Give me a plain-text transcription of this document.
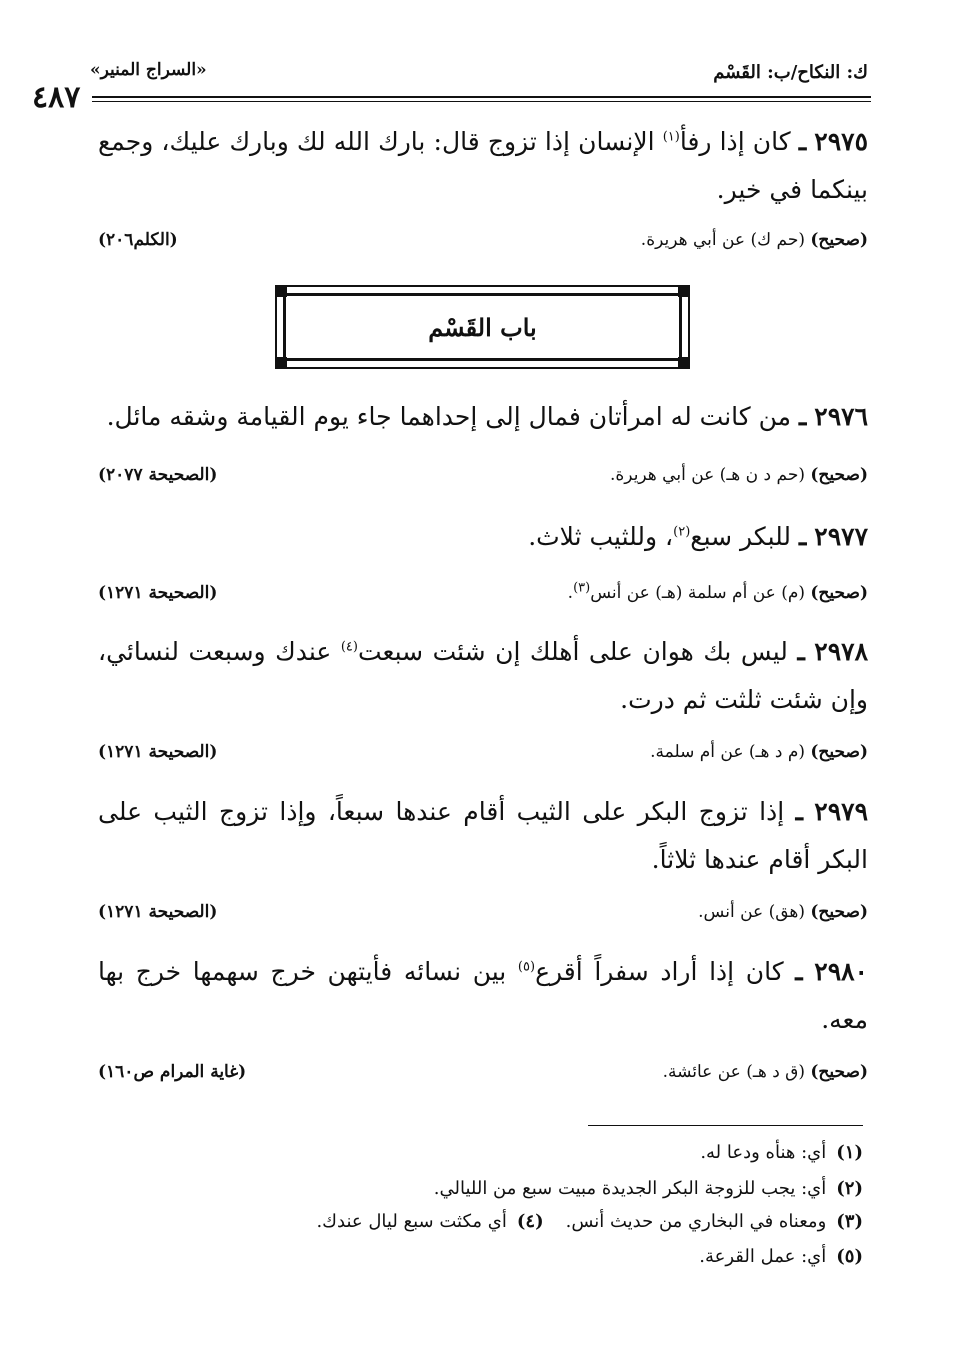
ك: النكاح/ب: القَسْم
«السراج المنير»
٤٨٧
٢٩٧٥ ـ كان إذا رفأ$^{(١)}$ الإنسان إذا تزوج قال: بارك الله لك وبارك عليك، وجمع بينكما في خير.
(صحيح) (حم ك) عن أبي هريرة.
(الكلم٢٠٦)
باب القَسْم
٢٩٧٦ ـ من كانت له امرأتان فمال إلى إحداهما جاء يوم القيامة وشقه مائل.
(صحيح) (حم د ن هـ) عن أبي هريرة.
(الصحيحة ٢٠٧٧)
٢٩٧٧ ـ للبكر سبع$^{(٢)}$، وللثيب ثلاث.
(صحيح) (م) عن أم سلمة (هـ) عن أنس$^{(٣)}$.
(الصحيحة ١٢٧١)
٢٩٧٨ ـ ليس بك هوان على أهلك إن شئت سبعت$^{(٤)}$ عندك وسبعت لنسائي، وإن شئت ثلثت ثم درت.
(صحيح) (م د هـ) عن أم سلمة.
(الصحيحة ١٢٧١)
٢٩٧٩ ـ إذا تزوج البكر على الثيب أقام عندها سبعاً، وإذا تزوج الثيب على البكر أقام عندها ثلاثاً.
(صحيح) (هق) عن أنس.
(الصحيحة ١٢٧١)
٢٩٨٠ ـ كان إذا أراد سفراً أقرع$^{(٥)}$ بين نسائه فأيتهن خرج سهمها خرج بها معه.
(صحيح) (ق د هـ) عن عائشة.
(غاية المرام ص١٦٠)
(١)أي: هنأه ودعا له.
(٢)أي: يجب للزوجة البكر الجديدة مبيت سبع من الليالي.
(٣)ومعناه في البخاري من حديث أنس.(٤)أي مكثت سبع ليال عندك.
(٥)أي: عمل القرعة.
